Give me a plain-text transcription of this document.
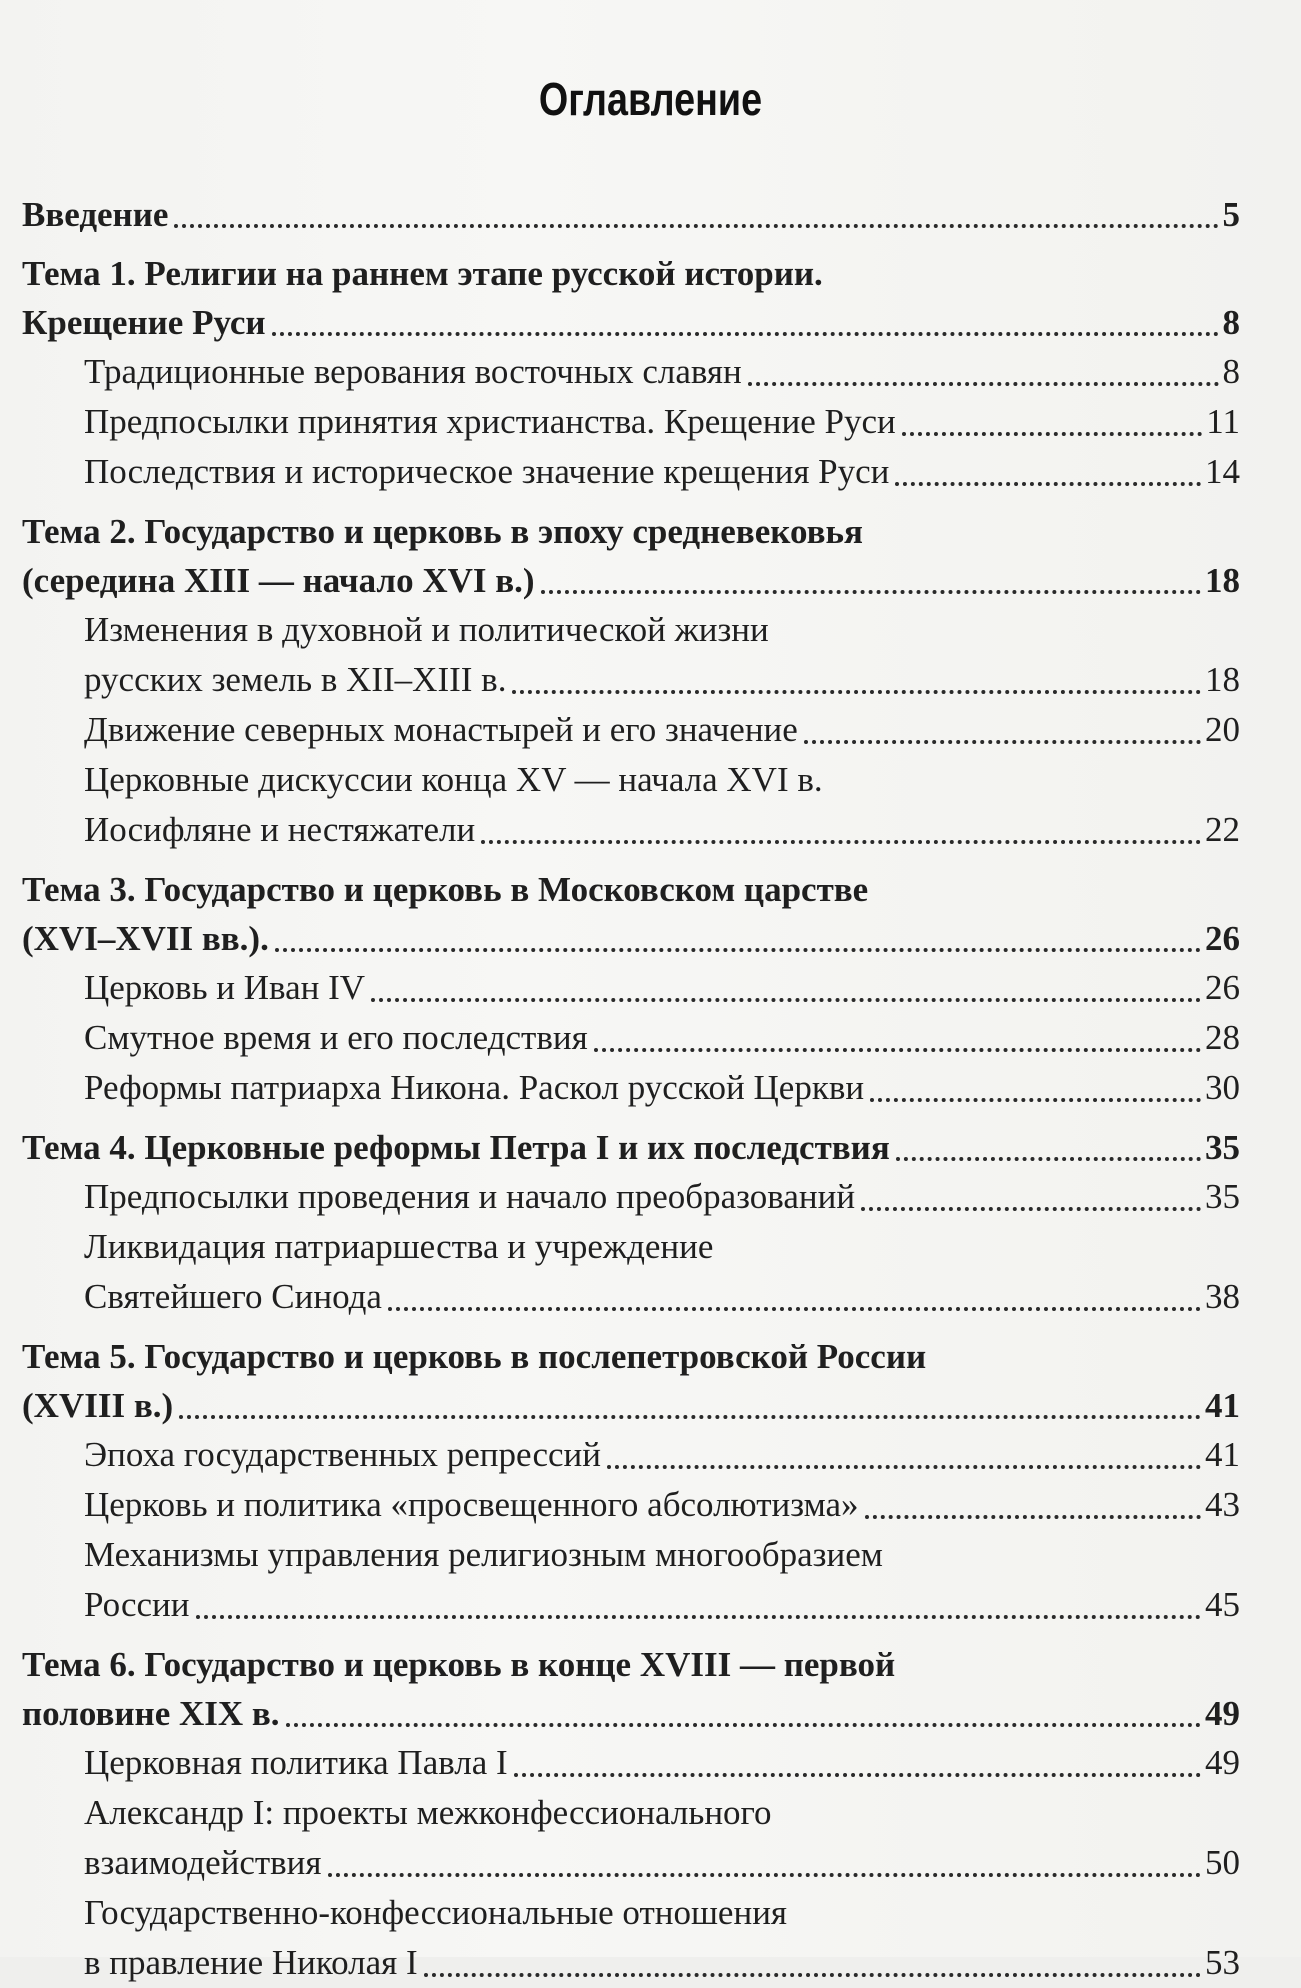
Оглавление
Введение	5
Тема 1. Религии на раннем этапе русской истории.
Крещение Руси	8
Традиционные верования восточных славян	8
Предпосылки принятия христианства. Крещение Руси	11
Последствия и историческое значение крещения Руси	14
Тема 2. Государство и церковь в эпоху средневековья
(середина XIII — начало XVI в.)	18
Изменения в духовной и политической жизни
русских земель в XII–XIII в.	18
Движение северных монастырей и его значение	20
Церковные дискуссии конца XV — начала XVI в.
Иосифляне и нестяжатели	22
Тема 3. Государство и церковь в Московском царстве
(XVI–XVII вв.).	26
Церковь и Иван IV	26
Смутное время и его последствия	28
Реформы патриарха Никона. Раскол русской Церкви	30
Тема 4. Церковные реформы Петра I и их последствия	35
Предпосылки проведения и начало преобразований	35
Ликвидация патриаршества и учреждение
Святейшего Синода	38
Тема 5. Государство и церковь в послепетровской России
(XVIII в.)	41
Эпоха государственных репрессий	41
Церковь и политика «просвещенного абсолютизма»	43
Механизмы управления религиозным многообразием
России	45
Тема 6. Государство и церковь в конце XVIII — первой
половине XIX в.	49
Церковная политика Павла I	49
Александр I: проекты межконфессионального
взаимодействия	50
Государственно-конфессиональные отношения
в правление Николая I	53
